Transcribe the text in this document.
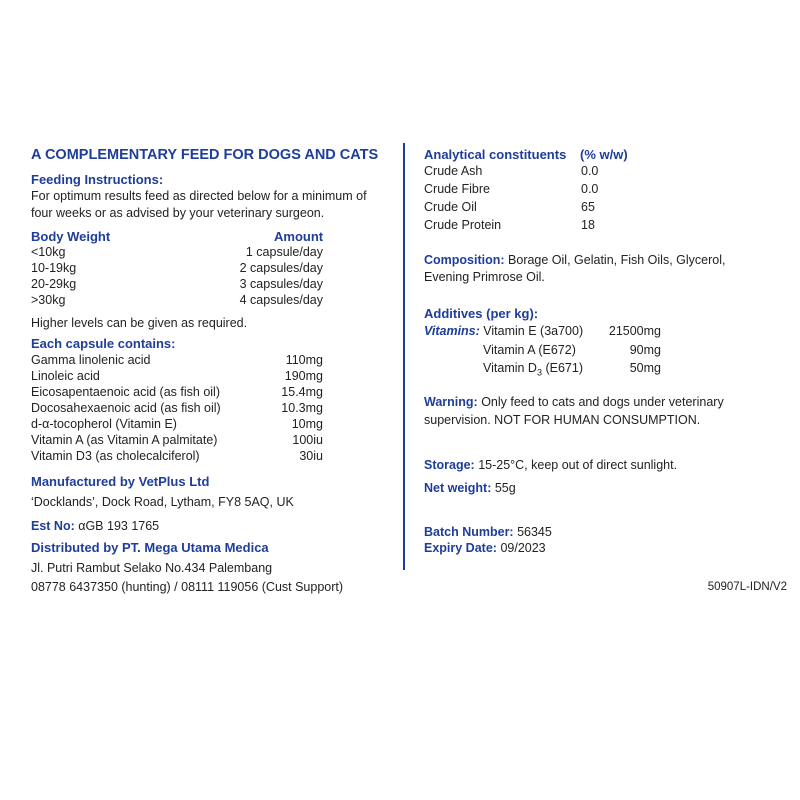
A COMPLEMENTARY FEED FOR DOGS AND CATS
Feeding Instructions:
For optimum results feed as directed below for a minimum of
four weeks or as advised by your veterinary surgeon.
Body Weight	Amount
<10kg	1 capsule/day
10-19kg	2 capsules/day
20-29kg	3 capsules/day
>30kg	4 capsules/day
Higher levels can be given as required.
Each capsule contains:
Gamma linolenic acid	110mg
Linoleic acid	190mg
Eicosapentaenoic acid (as fish oil)	15.4mg
Docosahexaenoic acid (as fish oil)	10.3mg
d-α-tocopherol (Vitamin E)	10mg
Vitamin A (as Vitamin A palmitate)	100iu
Vitamin D3 (as cholecalciferol)	30iu
Manufactured by VetPlus Ltd
‘Docklands’, Dock Road, Lytham, FY8 5AQ, UK
Est No: αGB 193 1765
Distributed by PT. Mega Utama Medica
Jl. Putri Rambut Selako No.434 Palembang
08778 6437350 (hunting) / 08111 119056 (Cust Support)
Analytical constituents (% w/w)
Crude Ash	0.0
Crude Fibre	0.0
Crude Oil	65
Crude Protein	18
Composition: Borage Oil, Gelatin, Fish Oils, Glycerol,
Evening Primrose Oil.
Additives (per kg):
Vitamins: Vitamin E (3a700)	21500mg
Vitamin A (E672)	90mg
Vitamin $D_3$ (E671)	50mg
Warning: Only feed to cats and dogs under veterinary
supervision. NOT FOR HUMAN CONSUMPTION.
Storage: 15-25°C, keep out of direct sunlight.
Net weight: 55g
Batch Number: 56345
Expiry Date: 09/2023
50907L-IDN/V2
